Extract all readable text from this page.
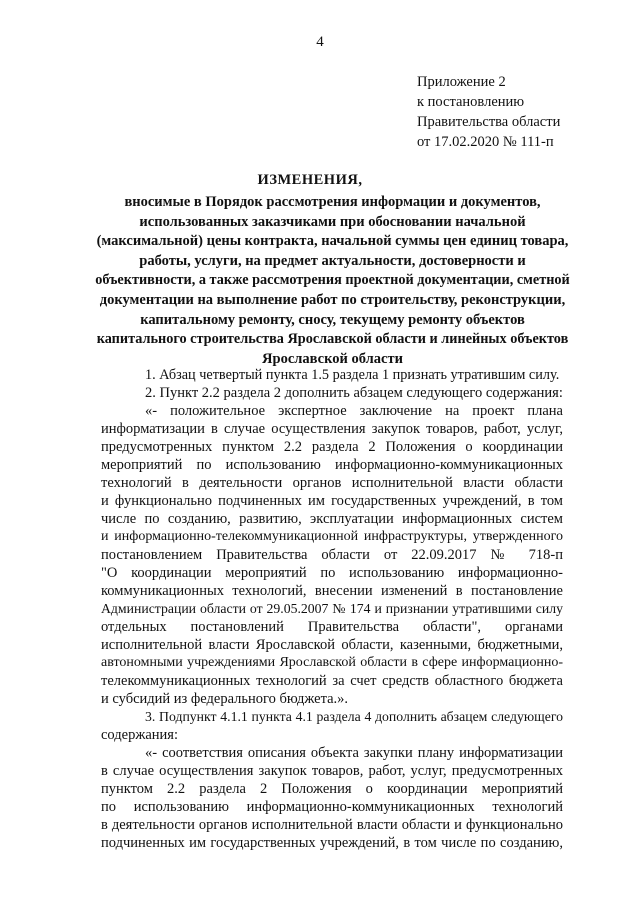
4
Приложение 2
к постановлению
Правительства области
от 17.02.2020 № 111-п
ИЗМЕНЕНИЯ,
вносимые в Порядок рассмотрения информации и документов,
использованных заказчиками при обосновании начальной
(максимальной) цены контракта, начальной суммы цен единиц товара,
работы, услуги, на предмет актуальности, достоверности и
объективности, а также рассмотрения проектной документации, сметной
документации на выполнение работ по строительству, реконструкции,
капитальному ремонту, сносу, текущему ремонту объектов
капитального строительства Ярославской области и линейных объектов
Ярославской области
1. Абзац четвертый пункта 1.5 раздела 1 признать утратившим силу.
2. Пункт 2.2 раздела 2 дополнить абзацем следующего содержания:
«- положительное экспертное заключение на проект плана
информатизации в случае осуществления закупок товаров, работ, услуг,
предусмотренных пунктом 2.2 раздела 2 Положения о координации
мероприятий по использованию информационно-коммуникационных
технологий в деятельности органов исполнительной власти области
и функционально подчиненных им государственных учреждений, в том
числе по созданию, развитию, эксплуатации информационных систем
и информационно-телекоммуникационной инфраструктуры, утвержденного
постановлением Правительства области от 22.09.2017 № 718-п
"О координации мероприятий по использованию информационно-
коммуникационных технологий, внесении изменений в постановление
Администрации области от 29.05.2007 № 174 и признании утратившими силу
отдельных постановлений Правительства области", органами
исполнительной власти Ярославской области, казенными, бюджетными,
автономными учреждениями Ярославской области в сфере информационно-
телекоммуникационных технологий за счет средств областного бюджета
и субсидий из федерального бюджета.».
3. Подпункт 4.1.1 пункта 4.1 раздела 4 дополнить абзацем следующего
содержания:
«- соответствия описания объекта закупки плану информатизации
в случае осуществления закупок товаров, работ, услуг, предусмотренных
пунктом 2.2 раздела 2 Положения о координации мероприятий
по использованию информационно-коммуникационных технологий
в деятельности органов исполнительной власти области и функционально
подчиненных им государственных учреждений, в том числе по созданию,
